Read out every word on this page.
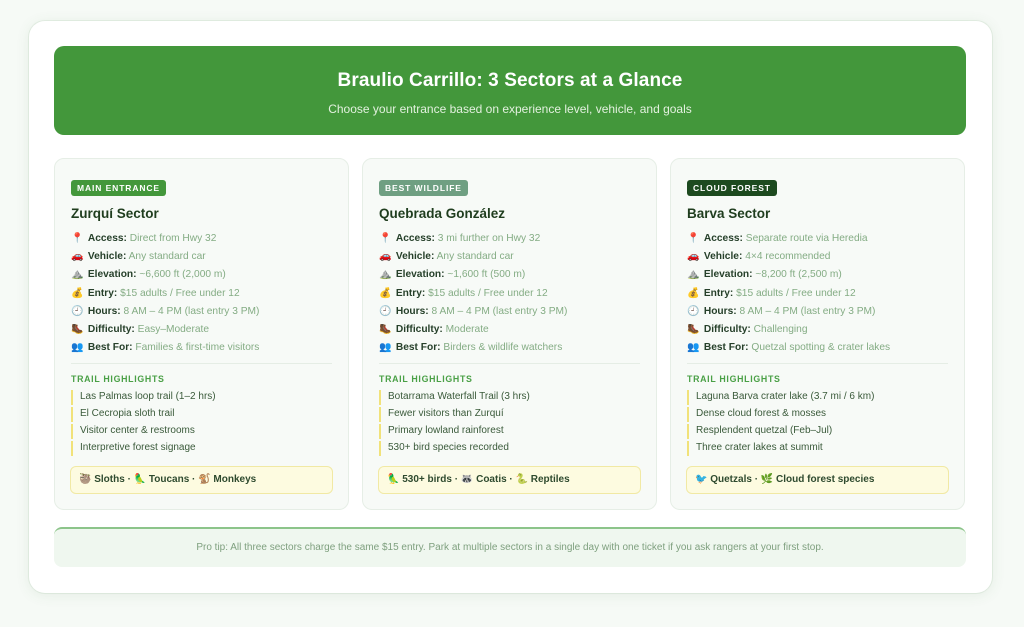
Braulio Carrillo: 3 Sectors at a Glance

Choose your entrance based on experience level, vehicle, and goals

MAIN ENTRANCE
Zurquí Sector
📍 Access: Direct from Hwy 32
🚗 Vehicle: Any standard car
⛰️ Elevation: ~6,600 ft (2,000 m)
💰 Entry: $15 adults / Free under 12
🕘 Hours: 8 AM – 4 PM (last entry 3 PM)
🥾 Difficulty: Easy–Moderate
👥 Best For: Families & first-time visitors
TRAIL HIGHLIGHTS
Las Palmas loop trail (1–2 hrs)
El Cecropia sloth trail
Visitor center & restrooms
Interpretive forest signage
🦥 Sloths · 🦜 Toucans · 🐒 Monkeys
BEST WILDLIFE
Quebrada González
📍 Access: 3 mi further on Hwy 32
🚗 Vehicle: Any standard car
⛰️ Elevation: ~1,600 ft (500 m)
💰 Entry: $15 adults / Free under 12
🕘 Hours: 8 AM – 4 PM (last entry 3 PM)
🥾 Difficulty: Moderate
👥 Best For: Birders & wildlife watchers
TRAIL HIGHLIGHTS
Botarrama Waterfall Trail (3 hrs)
Fewer visitors than Zurquí
Primary lowland rainforest
530+ bird species recorded
🦜 530+ birds · 🦝 Coatis · 🐍 Reptiles
CLOUD FOREST
Barva Sector
📍 Access: Separate route via Heredia
🚗 Vehicle: 4×4 recommended
⛰️ Elevation: ~8,200 ft (2,500 m)
💰 Entry: $15 adults / Free under 12
🕘 Hours: 8 AM – 4 PM (last entry 3 PM)
🥾 Difficulty: Challenging
👥 Best For: Quetzal spotting & crater lakes
TRAIL HIGHLIGHTS
Laguna Barva crater lake (3.7 mi / 6 km)
Dense cloud forest & mosses
Resplendent quetzal (Feb–Jul)
Three crater lakes at summit
🐦 Quetzals · 🌿 Cloud forest species
Pro tip: All three sectors charge the same $15 entry. Park at multiple sectors in a single day with one ticket if you ask rangers at your first stop.
